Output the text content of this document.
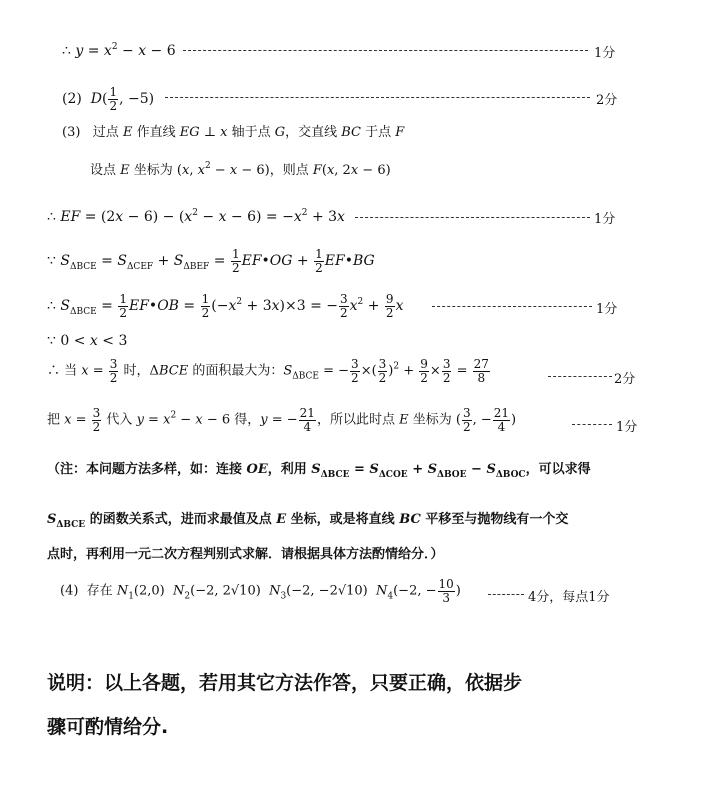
∴ $y = x^2 - x - 6$	1分
(2)  $D( \frac{1}{2}$ , −5)	2分
(3)   过点 E 作直线 EG ⊥ x 轴于点 G，交直线 BC 于点 F
设点 E 坐标为 (x, $x^2 - x - 6$)，则点 F(x, 2x − 6)
∴ EF = $(2x - 6) - (x^2 - x - 6) = -x^2 + 3x$	1分
∵ $S_{\Delta BCE} = S_{\Delta CEF} + S_{\Delta BEF} = \frac{1}{2}$ EF•OG + $\frac{1}{2}$ EF•BG
∴ $S_{\Delta BCE} = \frac{1}{2}$ EF•OB = $\frac{1}{2} (-x^2 + 3x)\times 3$ = − $\frac{3}{2} x^2 + \frac{9}{2}$ x	1分
∵ 0 < x < 3
∴ 当 $x = \frac{3}{2}$ 时，ΔBCE 的面积最大为：$S_{\Delta BCE}$ = − $\frac{3}{2}$ ×( $\frac{3}{2} )^2 + \frac{9}{2} \times \frac{3}{2} = \frac{27}{8}$	2分
把 $x = \frac{3}{2}$ 代入 $y = x^2 - x - 6$ 得，y = − $\frac{21}{4}$ ，所以此时点 E 坐标为 ( $\frac{3}{2}$ , − $\frac{21}{4}$ )	1分
（注：本问题方法多样，如：连接 OE，利用 $S_{\Delta BCE} = S_{\Delta COE} + S_{\Delta BOE} - S_{\Delta BOC}$，可以求得
$S_{\Delta BCE}$ 的函数关系式，进而求最值及点 E 坐标，或是将直线 BC 平移至与抛物线有一个交
点时，再利用一元二次方程判别式求解．请根据具体方法酌情给分．）
(4)  存在 $N_1(2,0)$  $N_2(-2$, 2√10)  $N_3(-2$, −2√10)  $N_4(-2$, − $\frac{10}{3}$ )	4分，每点1分
说明：以上各题，若用其它方法作答，只要正确，依据步
骤可酌情给分.
